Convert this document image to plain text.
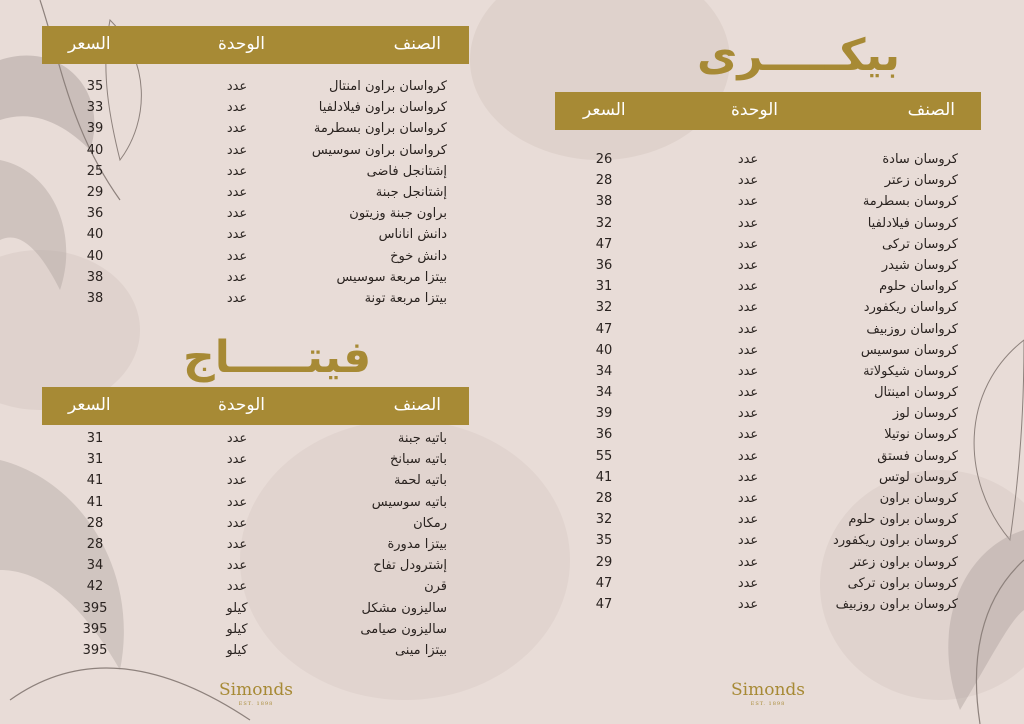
بيكـــــرى
الصنف
الوحدة
السعر
كروسان سادة
عدد
26
كروسان زعتر
عدد
28
كروسان بسطرمة
عدد
38
كروسان فيلادلفيا
عدد
32
كروسان تركى
عدد
47
كروسان شيدر
عدد
36
كرواسان حلوم
عدد
31
كرواسان ريكفورد
عدد
32
كرواسان روزبيف
عدد
47
كروسان سوسيس
عدد
40
كروسان شيكولاتة
عدد
34
كروسان امينتال
عدد
34
كروسان لوز
عدد
39
كروسان نوتيلا
عدد
36
كروسان فستق
عدد
55
كروسان لوتس
عدد
41
كروسان براون
عدد
28
كروسان براون حلوم
عدد
32
كروسان براون ريكفورد
عدد
35
كروسان براون زعتر
عدد
29
كروسان براون تركى
عدد
47
كروسان براون روزبيف
عدد
47
Simonds
EST. 1898
الصنف
الوحدة
السعر
كرواسان براون امنتال
عدد
35
كرواسان براون فيلادلفيا
عدد
33
كرواسان براون بسطرمة
عدد
39
كرواسان براون سوسيس
عدد
40
إشتانجل فاضى
عدد
25
إشتانجل جبنة
عدد
29
براون جبنة وزيتون
عدد
36
دانش اناناس
عدد
40
دانش خوخ
عدد
40
بيتزا مربعة سوسيس
عدد
38
بيتزا مربعة تونة
عدد
38
فيتـــــاج
الصنف
الوحدة
السعر
باتيه جبنة
عدد
31
باتيه سبانخ
عدد
31
باتيه لحمة
عدد
41
باتيه سوسيس
عدد
41
رمكان
عدد
28
بيتزا مدورة
عدد
28
إشترودل تفاح
عدد
34
قرن
عدد
42
ساليزون مشكل
كيلو
395
ساليزون صيامى
كيلو
395
بيتزا مينى
كيلو
395
Simonds
EST. 1898
